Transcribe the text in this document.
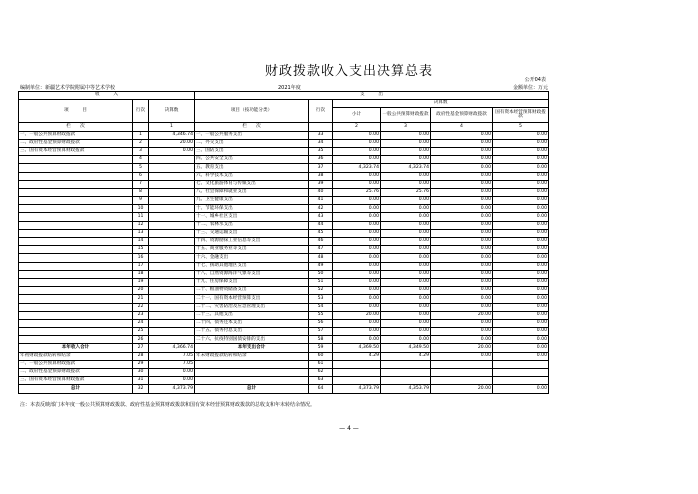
财政拨款收入支出决算总表
公开04表
编制单位：新疆艺术学院附属中等艺术学校	2021年度	金额单位：万元
收　　　入			支　　　出					
项　　　目	行次	决算数	项目（按功能分类）	行次	决算数			
					小计	一般公共预算财政拨款	政府性基金预算财政拨款	国有资本经营预算财政拨款
栏　　次		1	栏　　次		2	3	4	5
一、一般公共预算财政拨款	1	4,346.74	一、一般公共服务支出	33	0.00	0.00	0.00	0.00
二、政府性基金预算财政拨款	2	20.00	二、外交支出	34	0.00	0.00	0.00	0.00
三、国有资本经营预算财政拨款	3	0.00	三、国防支出	35	0.00	0.00	0.00	0.00
	4		四、公共安全支出	36	0.00	0.00	0.00	0.00
	5		五、教育支出	37	4,323.74	4,323.74	0.00	0.00
	6		六、科学技术支出	38	0.00	0.00	0.00	0.00
	7		七、文化旅游体育与传媒支出	39	0.00	0.00	0.00	0.00
	8		八、社会保障和就业支出	40	25.76	25.76	0.00	0.00
	9		九、卫生健康支出	41	0.00	0.00	0.00	0.00
	10		十、节能环保支出	42	0.00	0.00	0.00	0.00
	11		十一、城乡社区支出	43	0.00	0.00	0.00	0.00
	12		十二、农林水支出	44	0.00	0.00	0.00	0.00
	13		十三、交通运输支出	45	0.00	0.00	0.00	0.00
	14		十四、资源勘探工业信息等支出	46	0.00	0.00	0.00	0.00
	15		十五、商业服务业等支出	47	0.00	0.00	0.00	0.00
	16		十六、金融支出	48	0.00	0.00	0.00	0.00
	17		十七、援助其他地区支出	49	0.00	0.00	0.00	0.00
	18		十八、自然资源海洋气象等支出	50	0.00	0.00	0.00	0.00
	19		十九、住房保障支出	51	0.00	0.00	0.00	0.00
	20		二十、粮油物资储备支出	52	0.00	0.00	0.00	0.00
	21		二十一、国有资本经营预算支出	53	0.00	0.00	0.00	0.00
	22		二十二、灾害防治及应急管理支出	54	0.00	0.00	0.00	0.00
	23		二十三、其他支出	55	20.00	0.00	20.00	0.00
	24		二十四、债务还本支出	56	0.00	0.00	0.00	0.00
	25		二十五、债务付息支出	57	0.00	0.00	0.00	0.00
	26		二十六、抗疫特别国债安排的支出	58	0.00	0.00	0.00	0.00
本年收入合计	27	4,366.74	本年支出合计	59	4,369.50	4,349.50	20.00	0.00
年初财政拨款结转和结余	28	7.05	年末财政拨款结转和结余	60	4.29	4.29	0.00	0.00
一、一般公共预算财政拨款	29	7.05		61				
二、政府性基金预算财政拨款	30	0.00		62				
三、国有资本经营预算财政拨款	31	0.00		63				
总计	32	4,373.79	总计	64	4,373.79	4,353.79	20.00	0.00
注：本表反映部门本年度一般公共预算财政拨款、政府性基金预算财政拨款和国有资本经营预算财政拨款的总收支和年末转结余情况。
— 4 —
